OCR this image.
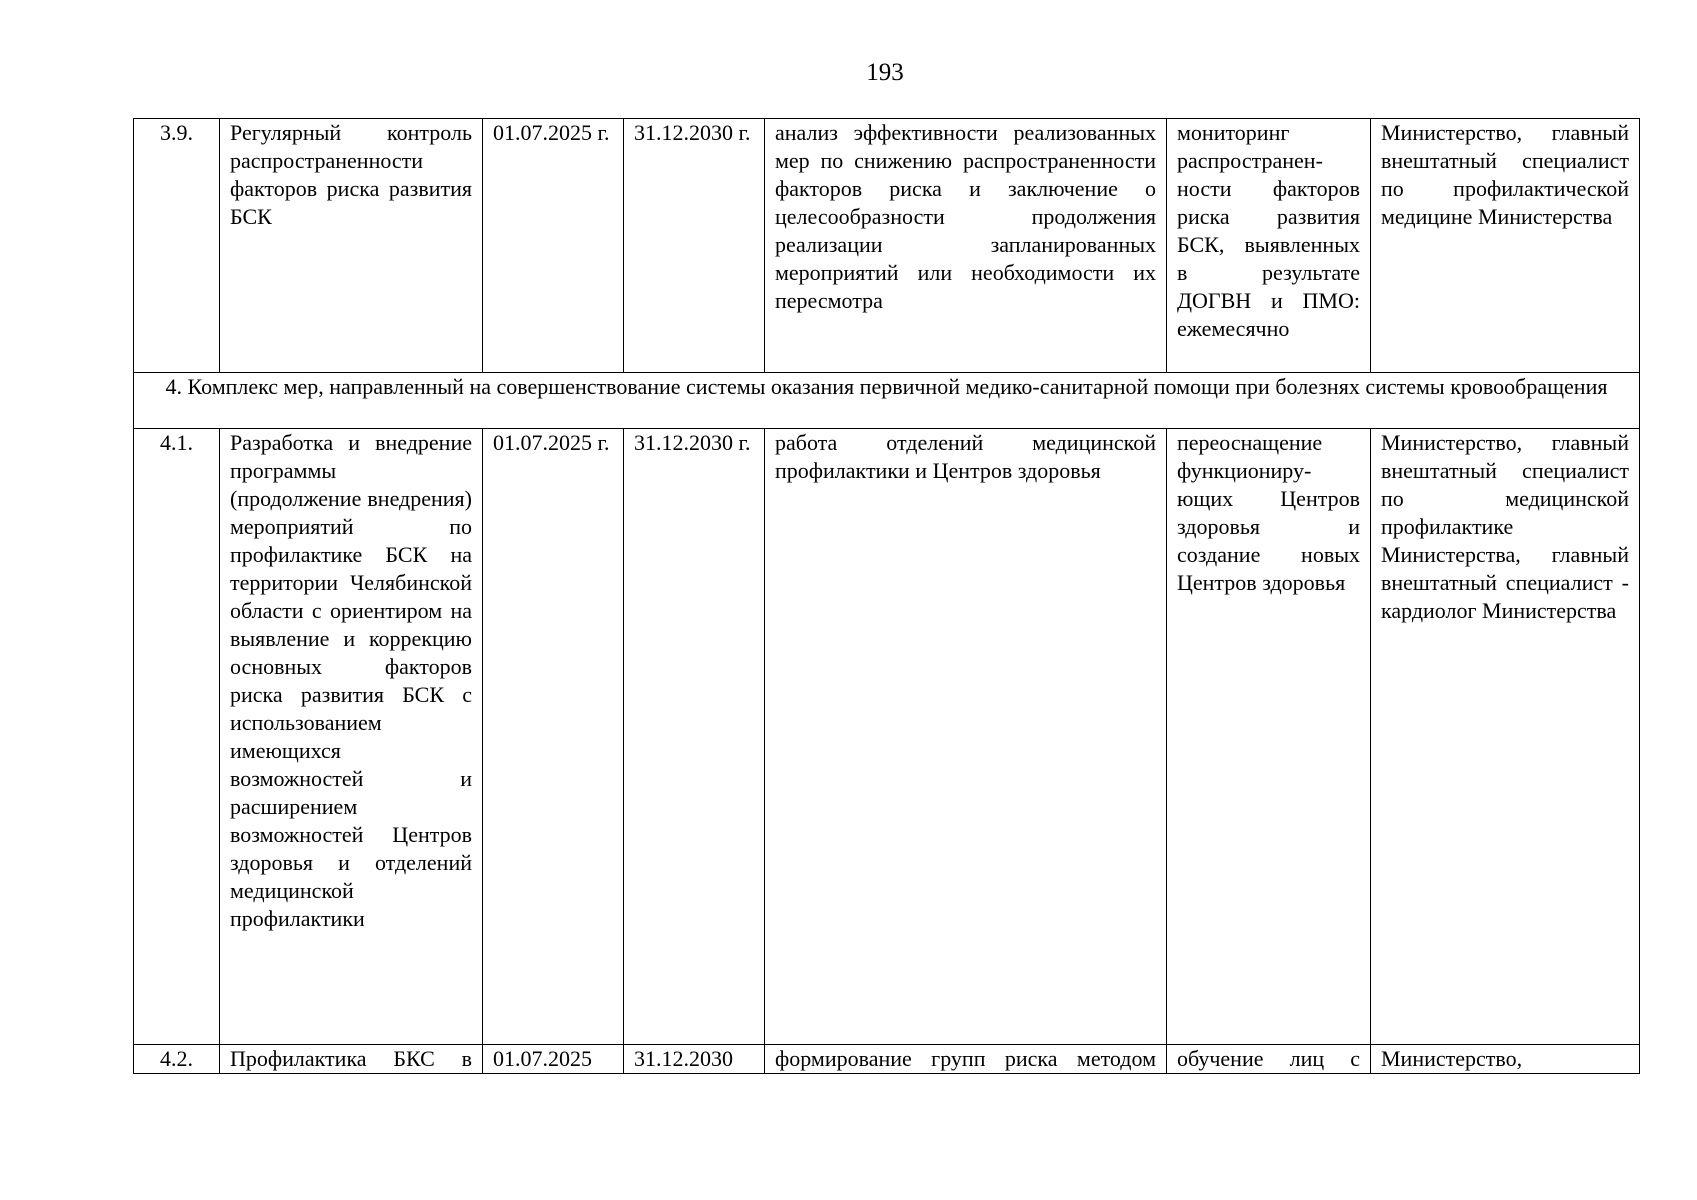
193
3.9.	Регулярный контроль распространенности факторов риска развития БСК	01.07.2025 г.	31.12.2030 г.	анализ эффективности реализованных мер по снижению распространенности факторов риска и заключение о целесообразности продолжения реализации запланированных мероприятий или необходимости их пересмотра	мониторинг распространен-ности факторов риска развития БСК, выявленных в результате ДОГВН и ПМО: ежемесячно	Министерство, главный внештатный специалист по профилактической медицине Министерства
4. Комплекс мер, направленный на совершенствование системы оказания первичной медико-санитарной помощи при болезнях системы кровообращения						
4.1.	Разработка и внедрение программы (продолжение внедрения) мероприятий по профилактике БСК на территории Челябинской области с ориентиром на выявление и коррекцию основных факторов риска развития БСК с использованием имеющихся возможностей и расширением возможностей Центров здоровья и отделений медицинской профилактики	01.07.2025 г.	31.12.2030 г.	работа отделений медицинской профилактики и Центров здоровья	переоснащение функциониру-ющих Центров здоровья и создание новых Центров здоровья	Министерство, главный внештатный специалист по медицинской профилактике Министерства, главный внештатный специалист - кардиолог Министерства
4.2.	Профилактика БКС в	01.07.2025	31.12.2030	формирование групп риска методом	обучение лиц с	Министерство,
